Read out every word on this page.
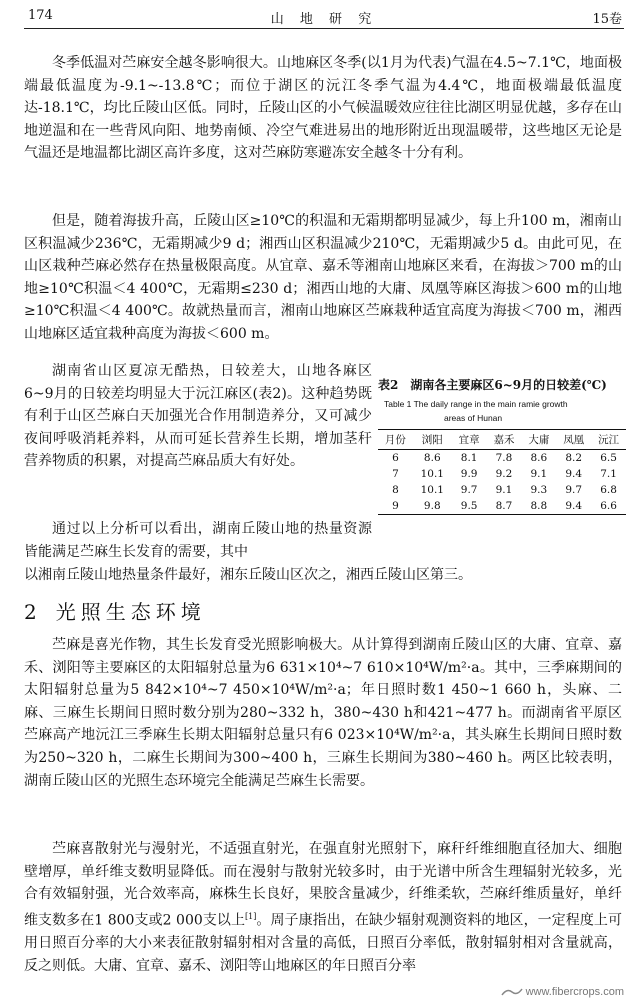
174	山 地 研 究	15卷
冬季低温对苎麻安全越冬影响很大。山地麻区冬季(以1月为代表)气温在4.5~7.1℃，地面极端最低温度为-9.1~-13.8℃；而位于湖区的沅江冬季气温为4.4℃，地面极端最低温度达-18.1℃，均比丘陵山区低。同时，丘陵山区的小气候温暖效应往往比湖区明显优越，多存在山地逆温和在一些背风向阳、地势南倾、冷空气难进易出的地形附近出现温暖带，这些地区无论是气温还是地温都比湖区高许多度，这对苎麻防寒避冻安全越冬十分有利。
但是，随着海拔升高，丘陵山区≥10℃的积温和无霜期都明显减少，每上升100 m，湘南山区积温减少236℃，无霜期减少9 d；湘西山区积温减少210℃，无霜期减少5 d。由此可见，在山区栽种苎麻必然存在热量极限高度。从宜章、嘉禾等湘南山地麻区来看，在海拔＞700 m的山地≥10℃积温＜4 400℃，无霜期≤230 d；湘西山地的大庸、凤凰等麻区海拔＞600 m的山地≥10℃积温＜4 400℃。故就热量而言，湘南山地麻区苎麻栽种适宜高度为海拔＜700 m，湘西山地麻区适宜栽种高度为海拔＜600 m。
湖南省山区夏凉无酷热，日较差大，山地各麻区6~9月的日较差均明显大于沅江麻区(表2)。这种趋势既有利于山区苎麻白天加强光合作用制造养分，又可减少夜间呼吸消耗养料，从而可延长营养生长期，增加茎秆营养物质的积累，对提高苎麻品质大有好处。
表2　湖南各主要麻区6~9月的日较差(℃)
Table 1 The daily range in the main ramie growth
areas of Hunan
月份	浏阳	宜章	嘉禾	大庸	凤凰	沅江
6	8.6	8.1	7.8	8.6	8.2	6.5
7	10.1	9.9	9.2	9.1	9.4	7.1
8	10.1	9.7	9.1	9.3	9.7	6.8
9	9.8	9.5	8.7	8.8	9.4	6.6
通过以上分析可以看出，湖南丘陵山地的热量资源皆能满足苎麻生长发育的需要，其中
以湘南丘陵山地热量条件最好，湘东丘陵山区次之，湘西丘陵山区第三。
2 光照生态环境
苎麻是喜光作物，其生长发育受光照影响极大。从计算得到湖南丘陵山区的大庸、宜章、嘉禾、浏阳等主要麻区的太阳辐射总量为6 631×10⁴~7 610×10⁴W/m²·a。其中，三季麻期间的太阳辐射总量为5 842×10⁴~7 450×10⁴W/m²·a；年日照时数1 450~1 660 h，头麻、二麻、三麻生长期间日照时数分别为280~332 h，380~430 h和421~477 h。而湖南省平原区苎麻高产地沅江三季麻生长期太阳辐射总量只有6 023×10⁴W/m²·a，其头麻生长期间日照时数为250~320 h，二麻生长期间为300~400 h，三麻生长期间为380~460 h。两区比较表明，湖南丘陵山区的光照生态环境完全能满足苎麻生长需要。
苎麻喜散射光与漫射光，不适强直射光，在强直射光照射下，麻秆纤维细胞直径加大、细胞壁增厚，单纤维支数明显降低。而在漫射与散射光较多时，由于光谱中所含生理辐射光较多，光合有效辐射强，光合效率高，麻株生长良好，果胶含量减少，纤维柔软，苎麻纤维质量好，单纤维支数多在1 800支或2 000支以上[1]。周子康指出，在缺少辐射观测资料的地区，一定程度上可用日照百分率的大小来表征散射辐射相对含量的高低，日照百分率低，散射辐射相对含量就高，反之则低。大庸、宜章、嘉禾、浏阳等山地麻区的年日照百分率
www.fibercrops.com
